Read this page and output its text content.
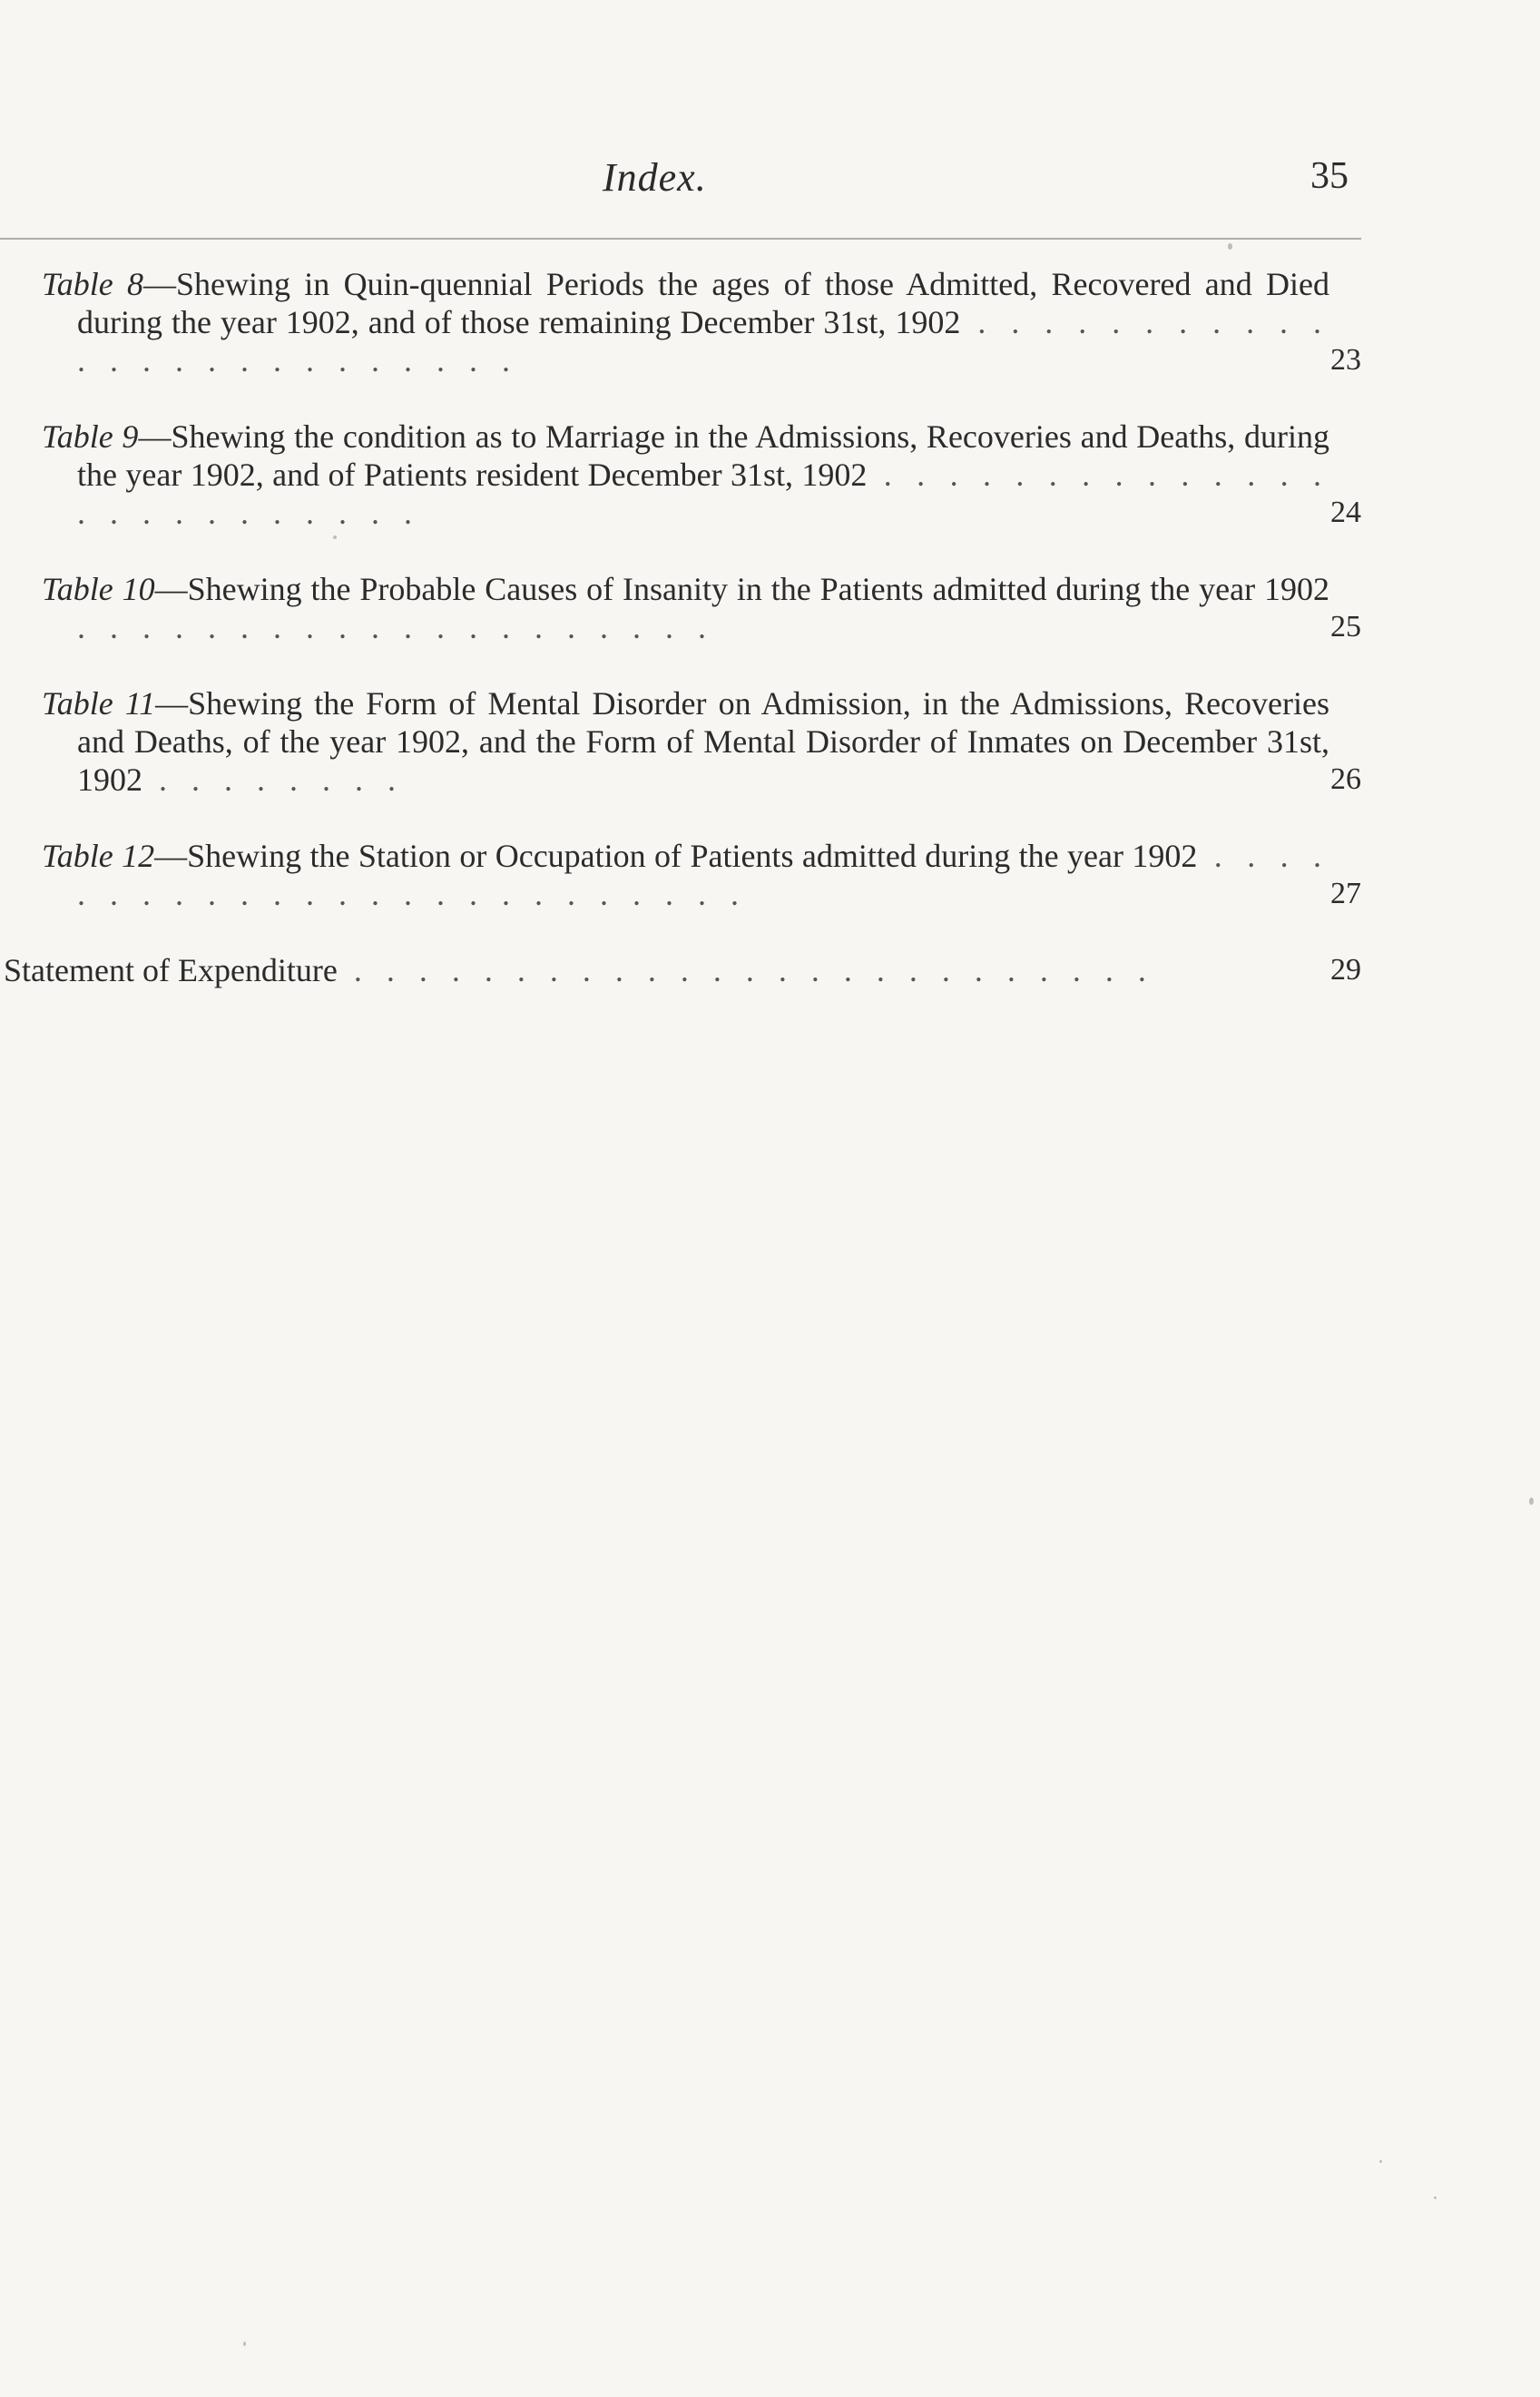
Index.	35
Table 8—Shewing in Quin-quennial Periods the ages of those Admitted, Recovered and Died during the year 1902, and of those remaining December 31st, 1902 . . . . . . . . . . . . . . . . . . . . . . . . .	23
Table 9—Shewing the condition as to Marriage in the Admissions, Recoveries and Deaths, during the year 1902, and of Patients resident December 31st, 1902 . . . . . . . . . . . . . . . . . . . . . . . . .	24
Table 10—Shewing the Probable Causes of Insanity in the Patients admitted during the year 1902 . . . . . . . . . . . . . . . . . . . .	25
Table 11—Shewing the Form of Mental Disorder on Admission, in the Admissions, Recoveries and Deaths, of the year 1902, and the Form of Mental Disorder of Inmates on December 31st, 1902 . . . . . . . .	26
Table 12—Shewing the Station or Occupation of Patients admitted during the year 1902 . . . . . . . . . . . . . . . . . . . . . . . . .	27
Statement of Expenditure . . . . . . . . . . . . . . . . . . . . . . . . .	29
